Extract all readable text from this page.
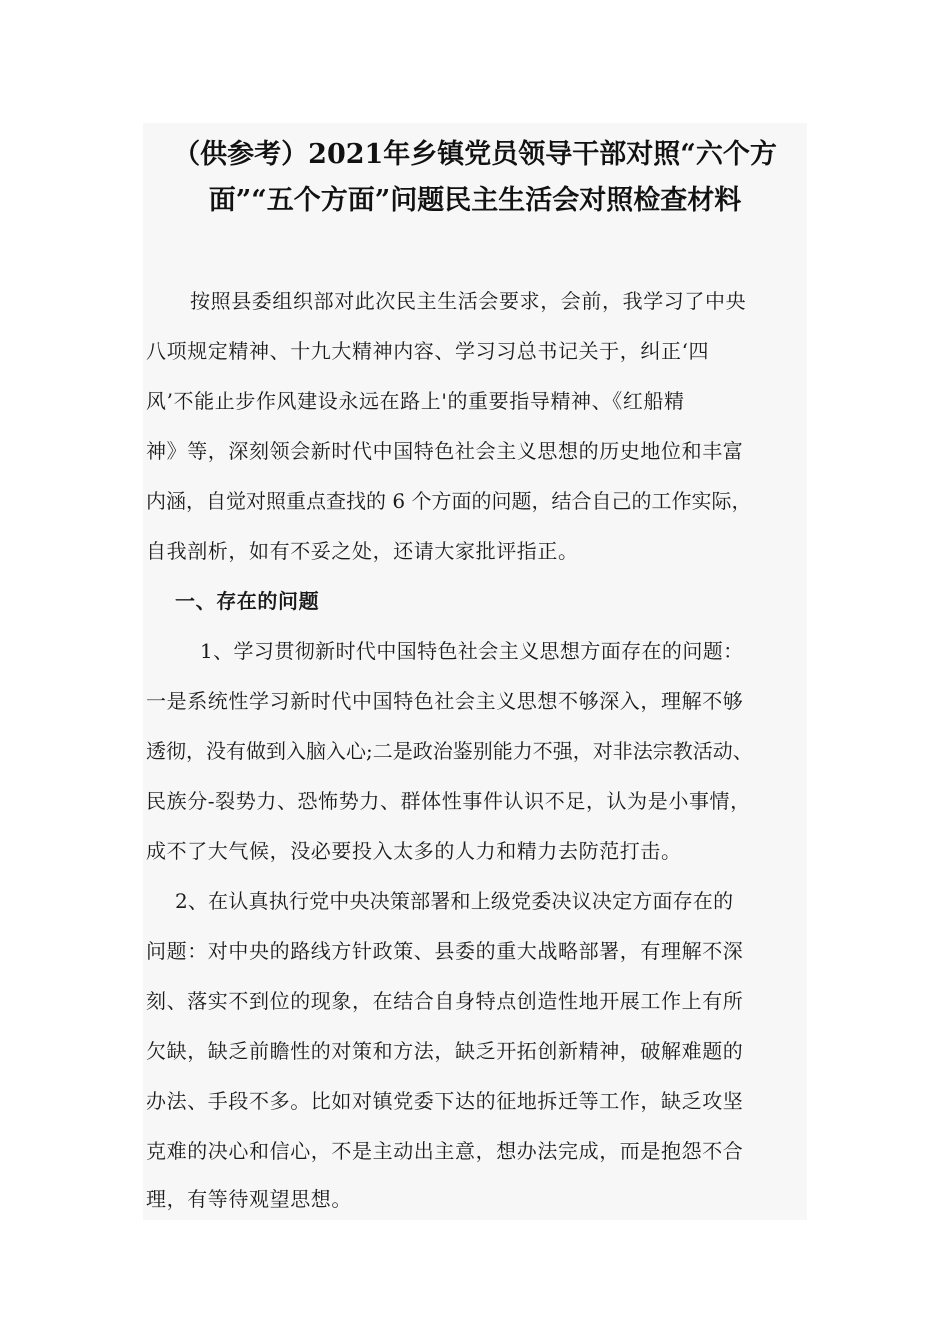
（供参考）2021年乡镇党员领导干部对照“六个方
面”“五个方面”问题民主生活会对照检查材料
按照县委组织部对此次民主生活会要求，会前，我学习了中央
八项规定精神、十九大精神内容、学习习总书记关于，纠正‘四
风’不能止步作风建设永远在路上'的重要指导精神、《红船精
神》等，深刻领会新时代中国特色社会主义思想的历史地位和丰富
内涵，自觉对照重点查找的 6 个方面的问题，结合自己的工作实际，
自我剖析，如有不妥之处，还请大家批评指正。
一、存在的问题
1、学习贯彻新时代中国特色社会主义思想方面存在的问题：
一是系统性学习新时代中国特色社会主义思想不够深入，理解不够
透彻，没有做到入脑入心;二是政治鉴别能力不强，对非法宗教活动、
民族分-裂势力、恐怖势力、群体性事件认识不足，认为是小事情，
成不了大气候，没必要投入太多的人力和精力去防范打击。
2、在认真执行党中央决策部署和上级党委决议决定方面存在的
问题：对中央的路线方针政策、县委的重大战略部署，有理解不深
刻、落实不到位的现象，在结合自身特点创造性地开展工作上有所
欠缺，缺乏前瞻性的对策和方法，缺乏开拓创新精神，破解难题的
办法、手段不多。比如对镇党委下达的征地拆迁等工作，缺乏攻坚
克难的决心和信心，不是主动出主意，想办法完成，而是抱怨不合
理，有等待观望思想。
